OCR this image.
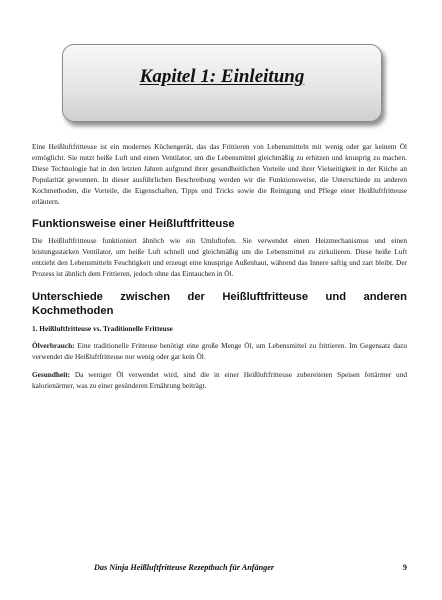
Kapitel 1: Einleitung

Eine Heißluftfritteuse ist ein modernes Küchengerät, das das Frittieren von Lebensmitteln mit wenig oder gar keinem Öl ermöglicht. Sie nutzt heiße Luft und einen Ventilator, um die Lebensmittel gleichmäßig zu erhitzen und knusprig zu machen. Diese Technologie hat in den letzten Jahren aufgrund ihrer gesundheitlichen Vorteile und ihrer Vielseitigkeit in der Küche an Popularität gewonnen. In dieser ausführlichen Beschreibung werden wir die Funktionsweise, die Unterschiede zu anderen Kochmethoden, die Vorteile, die Eigenschaften, Tipps und Tricks sowie die Reinigung und Pflege einer Heißluftfritteuse erläutern.

Funktionsweise einer Heißluftfritteuse

Die Heißluftfritteuse funktioniert ähnlich wie ein Umluftofen. Sie verwendet einen Heizmechanismus und einen leistungsstarken Ventilator, um heiße Luft schnell und gleichmäßig um die Lebensmittel zu zirkulieren. Diese heiße Luft entzieht den Lebensmitteln Feuchtigkeit und erzeugt eine knusprige Außenhaut, während das Innere saftig und zart bleibt. Der Prozess ist ähnlich dem Frittieren, jedoch ohne das Eintauchen in Öl.

Unterschiede zwischen der Heißluftfritteuse und anderen Kochmethoden
1. Heißluftfritteuse vs. Traditionelle Fritteuse

Ölverbrauch: Eine traditionelle Fritteuse benötigt eine große Menge Öl, um Lebensmittel zu frittieren. Im Gegensatz dazu verwendet die Heißluftfritteuse nur wenig oder gar kein Öl.

Gesundheit: Da weniger Öl verwendet wird, sind die in einer Heißluftfritteuse zubereiteten Speisen fettärmer und kalorienärmer, was zu einer gesünderen Ernährung beiträgt.

Das Ninja Heißluftfritteuse Rezeptbuch für Anfänger	9
